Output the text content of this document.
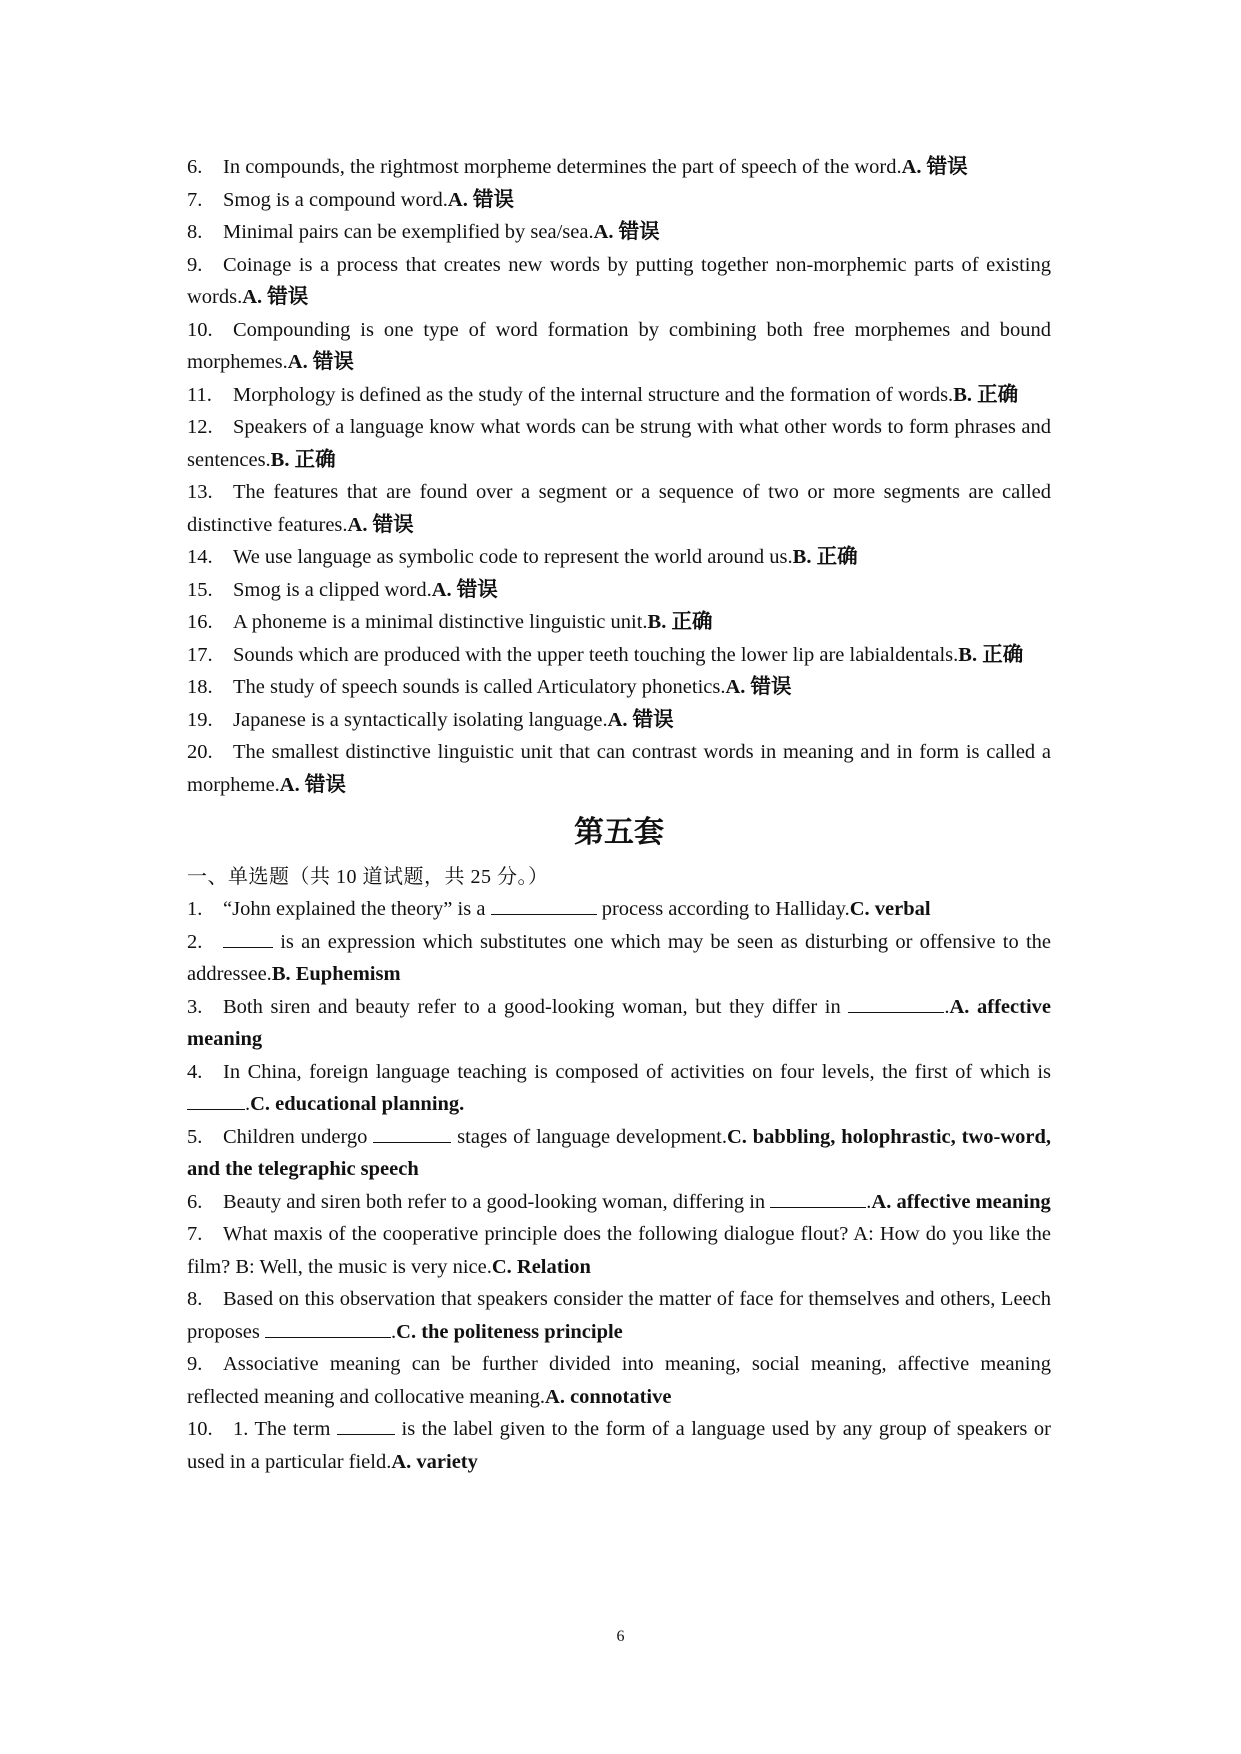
6. In compounds, the rightmost morpheme determines the part of speech of the word.A. 错误

7. Smog is a compound word.A. 错误

8. Minimal pairs can be exemplified by sea/sea.A. 错误

9. Coinage is a process that creates new words by putting together non-morphemic parts of existing words.A. 错误

10. Compounding is one type of word formation by combining both free morphemes and bound morphemes.A. 错误

11. Morphology is defined as the study of the internal structure and the formation of words.B. 正确

12. Speakers of a language know what words can be strung with what other words to form phrases and sentences.B. 正确

13. The features that are found over a segment or a sequence of two or more segments are called distinctive features.A. 错误

14. We use language as symbolic code to represent the world around us.B. 正确

15. Smog is a clipped word.A. 错误

16. A phoneme is a minimal distinctive linguistic unit.B. 正确

17. Sounds which are produced with the upper teeth touching the lower lip are labialdentals.B. 正确

18. The study of speech sounds is called Articulatory phonetics.A. 错误

19. Japanese is a syntactically isolating language.A. 错误

20. The smallest distinctive linguistic unit that can contrast words in meaning and in form is called a morpheme.A. 错误

第五套

一、单选题（共 10 道试题，共 25 分。）

1. “John explained the theory” is a	process according to Halliday.C. verbal

2.	is an expression which substitutes one which may be seen as disturbing or offensive to the addressee.B. Euphemism

3. Both siren and beauty refer to a good-looking woman, but they differ in	.A. affective meaning

4. In China, foreign language teaching is composed of activities on four levels, the first of which is .C. educational planning.

5. Children undergo	stages of language development.C. babbling, holophrastic, two-word, and the telegraphic speech

6. Beauty and siren both refer to a good-looking woman, differing in	.A. affective meaning

7. What maxis of the cooperative principle does the following dialogue flout? A: How do you like the film? B: Well, the music is very nice.C. Relation

8. Based on this observation that speakers consider the matter of face for themselves and others, Leech proposes	.C. the politeness principle

9. Associative meaning can be further divided into meaning, social meaning, affective meaning reflected meaning and collocative meaning.A. connotative

10. 1. The term	is the label given to the form of a language used by any group of speakers or used in a particular field.A. variety

6
